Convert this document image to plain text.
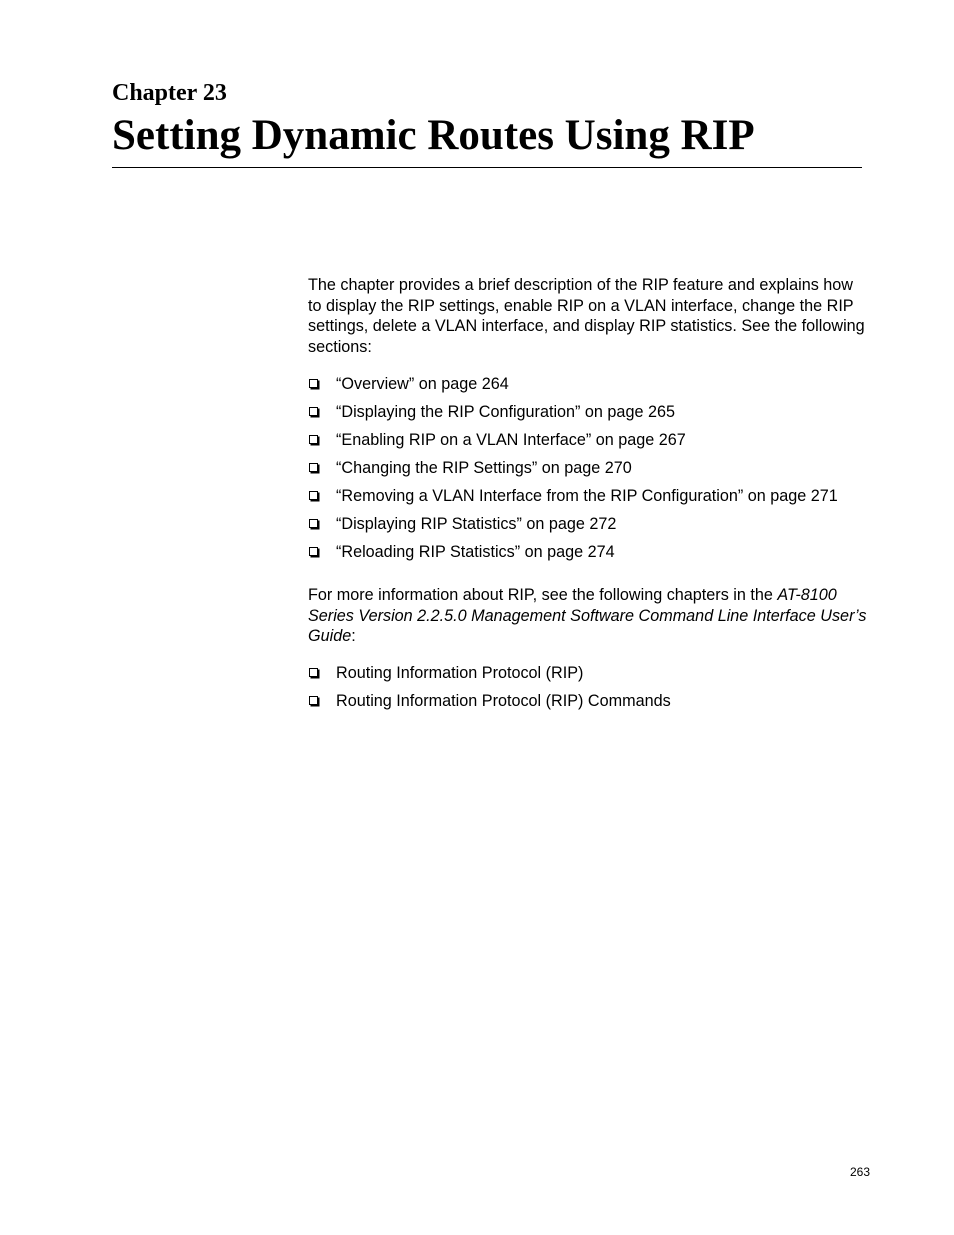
Chapter 23
Setting Dynamic Routes Using RIP

The chapter provides a brief description of the RIP feature and explains how to display the RIP settings, enable RIP on a VLAN interface, change the RIP settings, delete a VLAN interface, and display RIP statistics. See the following sections:

“Overview” on page 264
“Displaying the RIP Configuration” on page 265
“Enabling RIP on a VLAN Interface” on page 267
“Changing the RIP Settings” on page 270
“Removing a VLAN Interface from the RIP Configuration” on page 271
“Displaying RIP Statistics” on page 272
“Reloading RIP Statistics” on page 274

For more information about RIP, see the following chapters in the AT-8100 Series Version 2.2.5.0 Management Software Command Line Interface User’s Guide:

Routing Information Protocol (RIP)
Routing Information Protocol (RIP) Commands
263
